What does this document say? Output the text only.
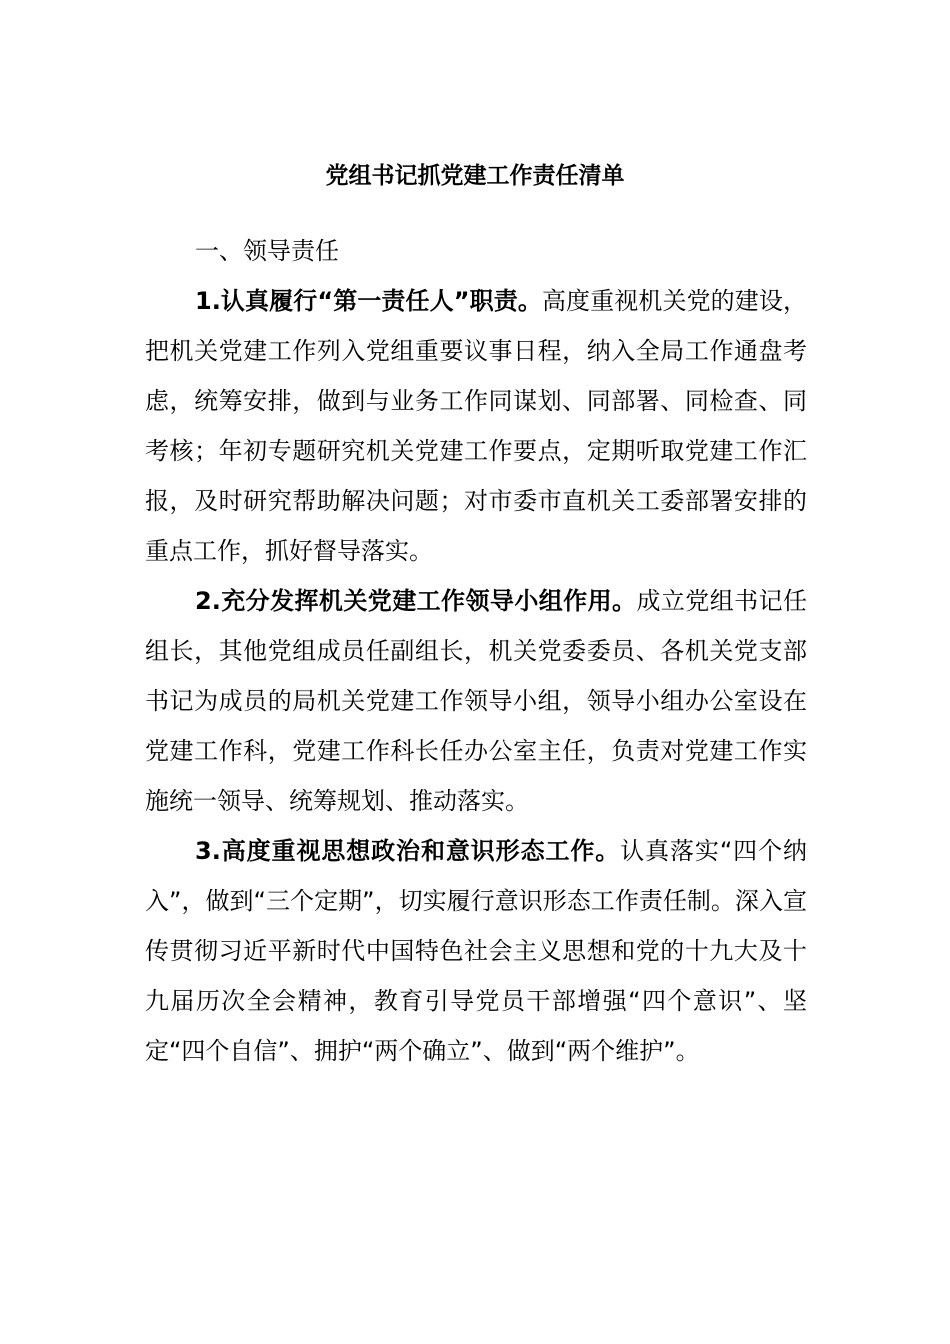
党组书记抓党建工作责任清单
一、领导责任

1.认真履行“第一责任人”职责。高度重视机关党的建设，把机关党建工作列入党组重要议事日程，纳入全局工作通盘考虑，统筹安排，做到与业务工作同谋划、同部署、同检查、同考核；年初专题研究机关党建工作要点，定期听取党建工作汇报，及时研究帮助解决问题；对市委市直机关工委部署安排的重点工作，抓好督导落实。

2.充分发挥机关党建工作领导小组作用。成立党组书记任组长，其他党组成员任副组长，机关党委委员、各机关党支部书记为成员的局机关党建工作领导小组，领导小组办公室设在党建工作科，党建工作科长任办公室主任，负责对党建工作实施统一领导、统筹规划、推动落实。

3.高度重视思想政治和意识形态工作。认真落实“四个纳入”，做到“三个定期”，切实履行意识形态工作责任制。深入宣传贯彻习近平新时代中国特色社会主义思想和党的十九大及十九届历次全会精神，教育引导党员干部增强“四个意识”、坚定“四个自信”、拥护“两个确立”、做到“两个维护”。
